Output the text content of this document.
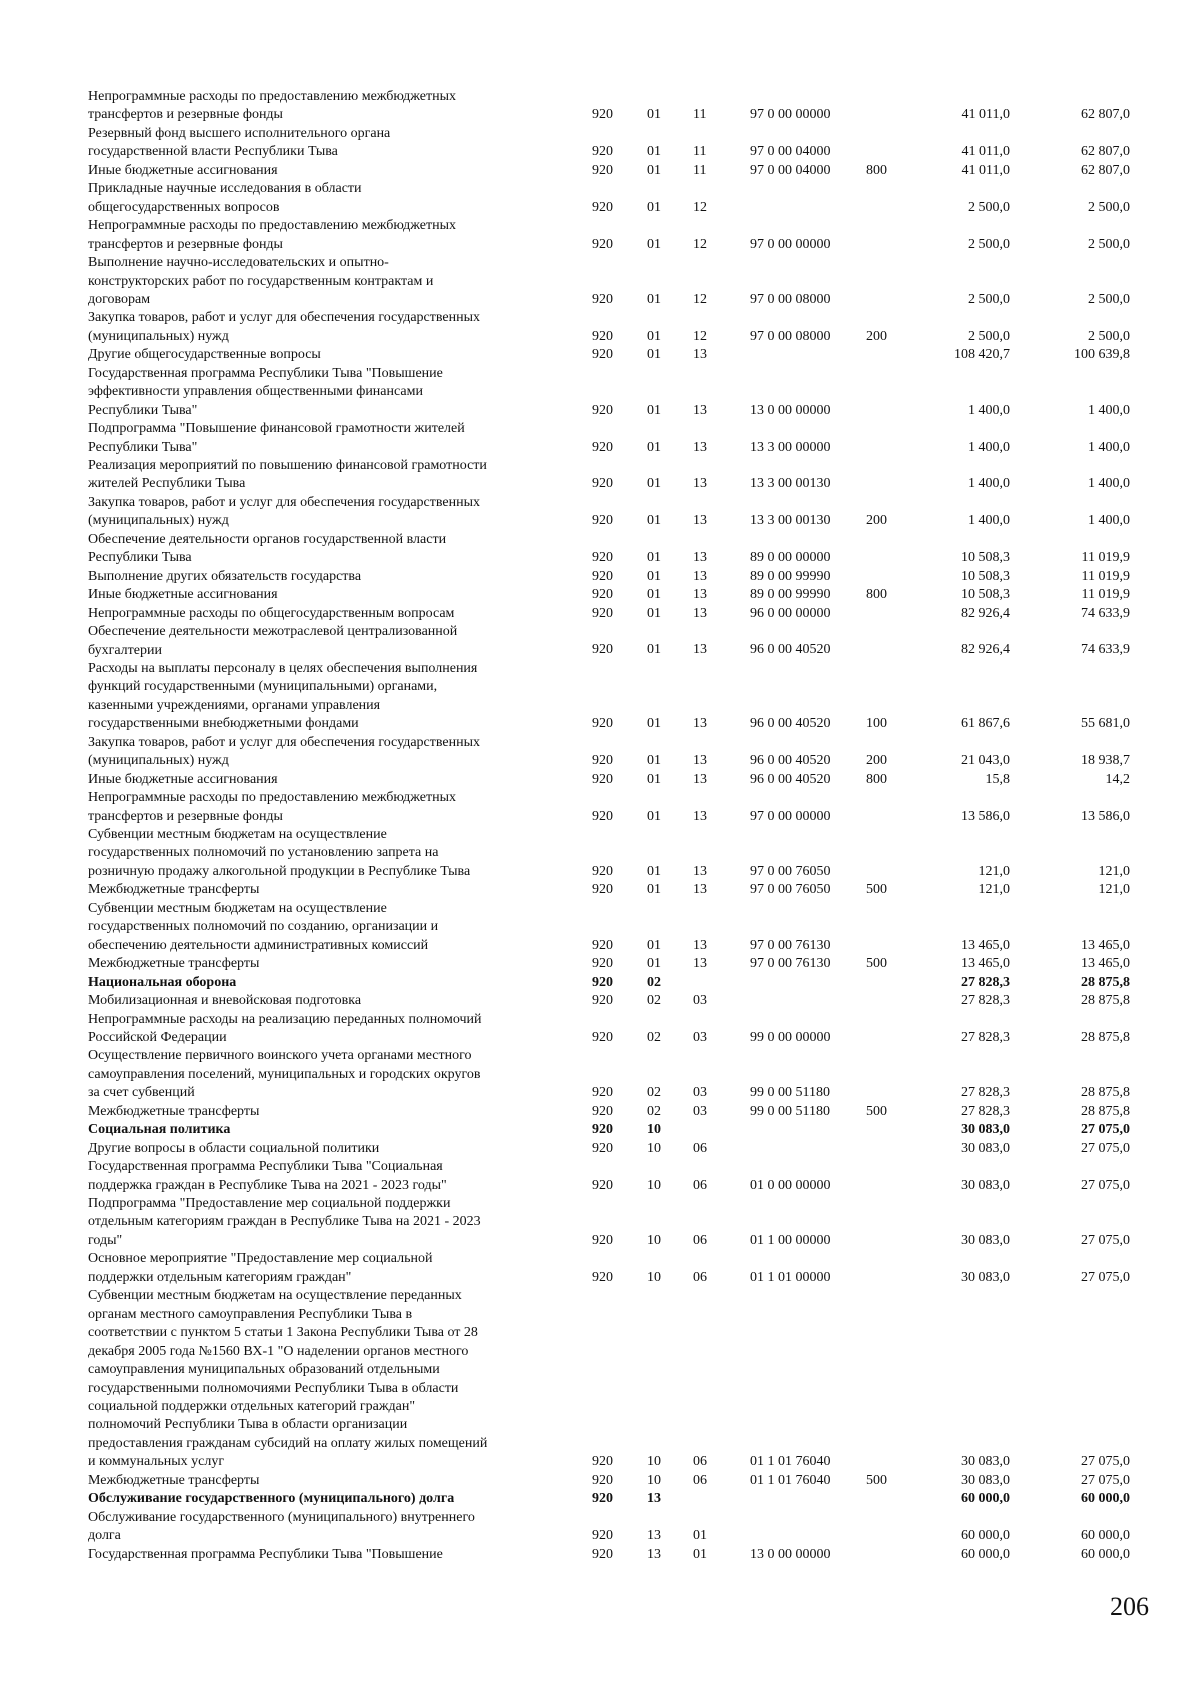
Непрограммные расходы по предоставлению межбюджетных
трансфертов и резервные фонды	920 01 11	97 0 00 00000	41 011,0	62 807,0
Резервный фонд высшего исполнительного органа
государственной власти Республики Тыва	920 01 11	97 0 00 04000	41 011,0	62 807,0
Иные бюджетные ассигнования	920 01 11	97 0 00 04000	800	41 011,0	62 807,0
Прикладные научные исследования в области
общегосударственных вопросов	920 01 12	2 500,0	2 500,0
Непрограммные расходы по предоставлению межбюджетных
трансфертов и резервные фонды	920 01 12	97 0 00 00000	2 500,0	2 500,0
Выполнение научно-исследовательских и опытно-
конструкторских работ по государственным контрактам и
договорам	920 01 12	97 0 00 08000	2 500,0	2 500,0
Закупка товаров, работ и услуг для обеспечения государственных
(муниципальных) нужд	920 01 12	97 0 00 08000	200	2 500,0	2 500,0
Другие общегосударственные вопросы	920 01 13	108 420,7	100 639,8
Государственная программа Республики Тыва "Повышение
эффективности управления общественными финансами
Республики Тыва"	920 01 13	13 0 00 00000	1 400,0	1 400,0
Подпрограмма "Повышение финансовой грамотности жителей
Республики Тыва"	920 01 13	13 3 00 00000	1 400,0	1 400,0
Реализация мероприятий по повышению финансовой грамотности
жителей Республики Тыва	920 01 13	13 3 00 00130	1 400,0	1 400,0
Закупка товаров, работ и услуг для обеспечения государственных
(муниципальных) нужд	920 01 13	13 3 00 00130	200	1 400,0	1 400,0
Обеспечение деятельности органов государственной власти
Республики Тыва	920 01 13	89 0 00 00000	10 508,3	11 019,9
Выполнение других обязательств государства	920 01 13	89 0 00 99990	10 508,3	11 019,9
Иные бюджетные ассигнования	920 01 13	89 0 00 99990	800	10 508,3	11 019,9
Непрограммные расходы по общегосударственным вопросам	920 01 13	96 0 00 00000	82 926,4	74 633,9
Обеспечение деятельности межотраслевой централизованной
бухгалтерии	920 01 13	96 0 00 40520	82 926,4	74 633,9
Расходы на выплаты персоналу в целях обеспечения выполнения
функций государственными (муниципальными) органами,
казенными учреждениями, органами управления
государственными внебюджетными фондами	920 01 13	96 0 00 40520	100	61 867,6	55 681,0
Закупка товаров, работ и услуг для обеспечения государственных
(муниципальных) нужд	920 01 13	96 0 00 40520	200	21 043,0	18 938,7
Иные бюджетные ассигнования	920 01 13	96 0 00 40520	800	15,8	14,2
Непрограммные расходы по предоставлению межбюджетных
трансфертов и резервные фонды	920 01 13	97 0 00 00000	13 586,0	13 586,0
Субвенции местным бюджетам на осуществление
государственных полномочий по установлению запрета на
розничную продажу алкогольной продукции в Республике Тыва	920 01 13	97 0 00 76050	121,0	121,0
Межбюджетные трансферты	920 01 13	97 0 00 76050	500	121,0	121,0
Субвенции местным бюджетам на осуществление
государственных полномочий по созданию, организации и
обеспечению деятельности административных комиссий	920 01 13	97 0 00 76130	13 465,0	13 465,0
Межбюджетные трансферты	920 01 13	97 0 00 76130	500	13 465,0	13 465,0
Национальная оборона	920 02	27 828,3	28 875,8
Мобилизационная и вневойсковая подготовка	920 02 03	27 828,3	28 875,8
Непрограммные расходы на реализацию переданных полномочий
Российской Федерации	920 02 03	99 0 00 00000	27 828,3	28 875,8
Осуществление первичного воинского учета органами местного
самоуправления поселений, муниципальных и городских округов
за счет субвенций	920 02 03	99 0 00 51180	27 828,3	28 875,8
Межбюджетные трансферты	920 02 03	99 0 00 51180	500	27 828,3	28 875,8
Социальная политика	920 10	30 083,0	27 075,0
Другие вопросы в области социальной политики	920 10 06	30 083,0	27 075,0
Государственная программа Республики Тыва "Социальная
поддержка граждан в Республике Тыва на 2021 - 2023 годы"	920 10 06	01 0 00 00000	30 083,0	27 075,0
Подпрограмма "Предоставление мер социальной поддержки
отдельным категориям граждан в Республике Тыва на 2021 - 2023
годы"	920 10 06	01 1 00 00000	30 083,0	27 075,0
Основное мероприятие "Предоставление мер социальной
поддержки отдельным категориям граждан"	920 10 06	01 1 01 00000	30 083,0	27 075,0
Субвенции местным бюджетам на осуществление переданных
органам местного самоуправления Республики Тыва в
соответствии с пунктом 5 статьи 1 Закона Республики Тыва от 28
декабря 2005 года №1560 ВХ-1 "О наделении органов местного
самоуправления муниципальных образований отдельными
государственными полномочиями Республики Тыва в области
социальной поддержки отдельных категорий граждан"
полномочий Республики Тыва в области организации
предоставления гражданам субсидий на оплату жилых помещений
и коммунальных услуг	920 10 06	01 1 01 76040	30 083,0	27 075,0
Межбюджетные трансферты	920 10 06	01 1 01 76040	500	30 083,0	27 075,0
Обслуживание государственного (муниципального) долга	920 13	60 000,0	60 000,0
Обслуживание государственного (муниципального) внутреннего
долга	920 13 01	60 000,0	60 000,0
Государственная программа Республики Тыва "Повышение	920 13 01	13 0 00 00000	60 000,0	60 000,0
206
